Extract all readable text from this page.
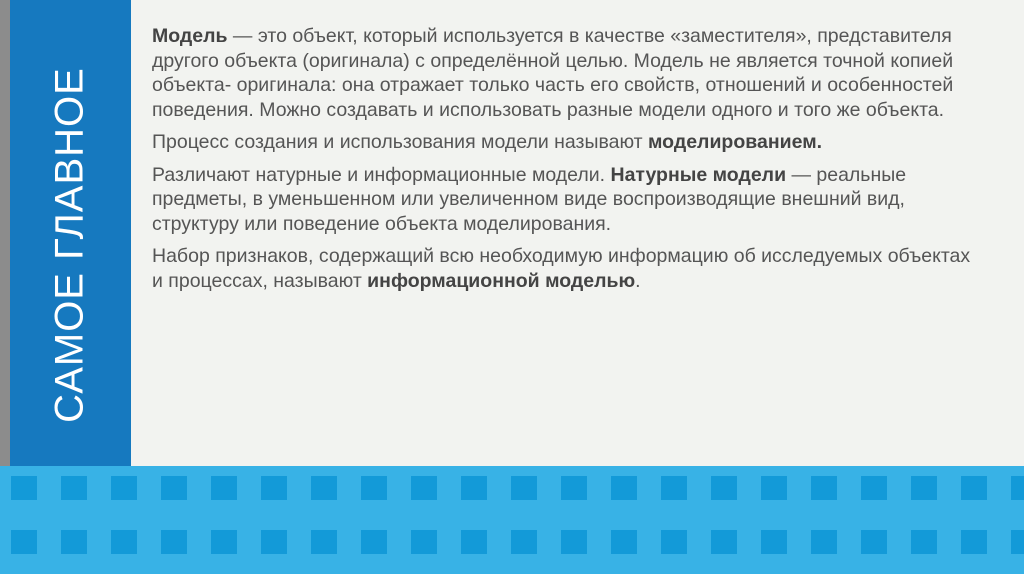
САМОЕ ГЛАВНОЕ

Модель — это объект, который используется в качестве «заместителя», представителя другого объекта (оригинала) с определённой целью. Модель не является точной копией объекта- оригинала: она отражает только часть его свойств, отношений и особенностей поведения. Можно создавать и использовать разные модели одного и того же объекта.

Процесс создания и использования модели называют моделированием.

Различают натурные и информационные модели. Натурные модели — реальные предметы, в уменьшенном или увеличенном виде воспроизводящие внешний вид, структуру или поведение объекта моделирования.

Набор признаков, содержащий всю необходимую информацию об исследуемых объектах и процессах, называют информационной моделью.
